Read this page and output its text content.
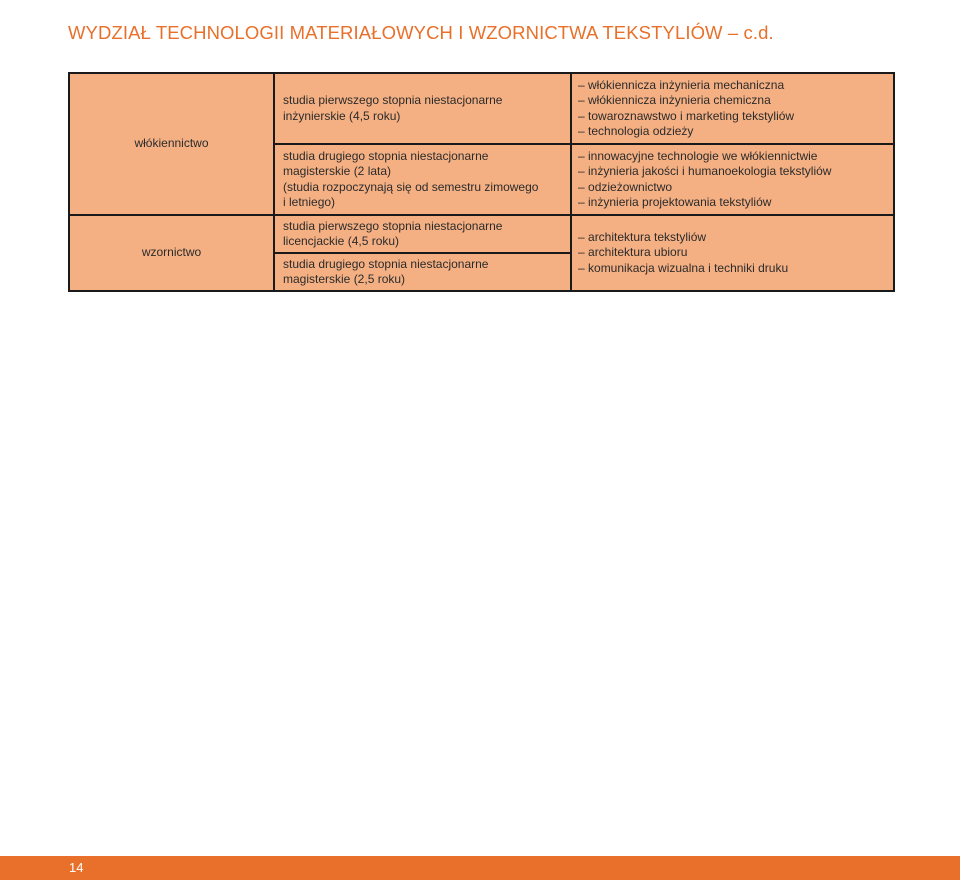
WYDZIAŁ TECHNOLOGII MATERIAŁOWYCH I WZORNICTWA TEKSTYLIÓW – c.d.
włókiennictwo	studia pierwszego stopnia niestacjonarne
inżynierskie (4,5 roku)	– włókiennicza inżynieria mechaniczna
– włókiennicza inżynieria chemiczna
– towaroznawstwo i marketing tekstyliów
– technologia odzieży

	studia drugiego stopnia niestacjonarne
magisterskie (2 lata)
(studia rozpoczynają się od semestru zimowego
i letniego)	– innowacyjne technologie we włókiennictwie
– inżynieria jakości i humanoekologia tekstyliów
– odzieżownictwo
– inżynieria projektowania tekstyliów

wzornictwo	studia pierwszego stopnia niestacjonarne
licencjackie (4,5 roku)	– architektura tekstyliów
– architektura ubioru
– komunikacja wizualna i techniki druku

	studia drugiego stopnia niestacjonarne
magisterskie (2,5 roku)	
14
